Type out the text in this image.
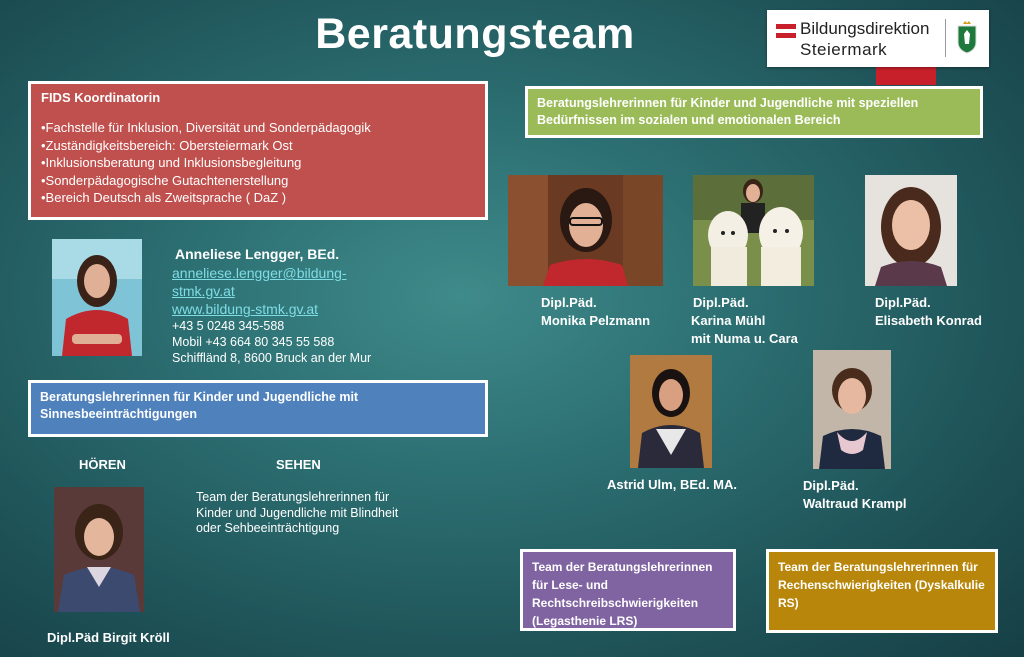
Beratungsteam	Bildungsdirektion
Steiermark
FIDS Koordinatorin
•Fachstelle für Inklusion, Diversität und Sonderpädagogik
•Zuständigkeitsbereich: Obersteiermark Ost
•Inklusionsberatung und Inklusionsbegleitung
•Sonderpädagogische Gutachtenerstellung
•Bereich Deutsch als Zweitsprache ( DaZ )
Anneliese Lengger, BEd.
anneliese.lengger@bildung-
stmk.gv.at
www.bildung-stmk.gv.at
+43 5 0248 345-588
Mobil +43 664 80 345 55 588
Schiffländ 8, 8600 Bruck an der Mur
Beratungslehrerinnen für Kinder und Jugendliche mit Sinnesbeeinträchtigungen
HÖREN	SEHEN
Team der Beratungslehrerinnen für Kinder und Jugendliche mit Blindheit oder Sehbeeinträchtigung
Dipl.Päd Birgit Kröll
Beratungslehrerinnen für Kinder und Jugendliche mit speziellen Bedürfnissen im sozialen und emotionalen Bereich
Dipl.Päd.
Monika Pelzmann
Dipl.Päd.
Karina Mühl
mit Numa u. Cara
Dipl.Päd.
Elisabeth Konrad
Astrid Ulm, BEd. MA.	Dipl.Päd.
Waltraud Krampl
Team der Beratungslehrerinnen für Lese- und Rechtschreibschwierigkeiten (Legasthenie LRS)
Team der Beratungslehrerinnen für Rechenschwierigkeiten (Dyskalkulie RS)
